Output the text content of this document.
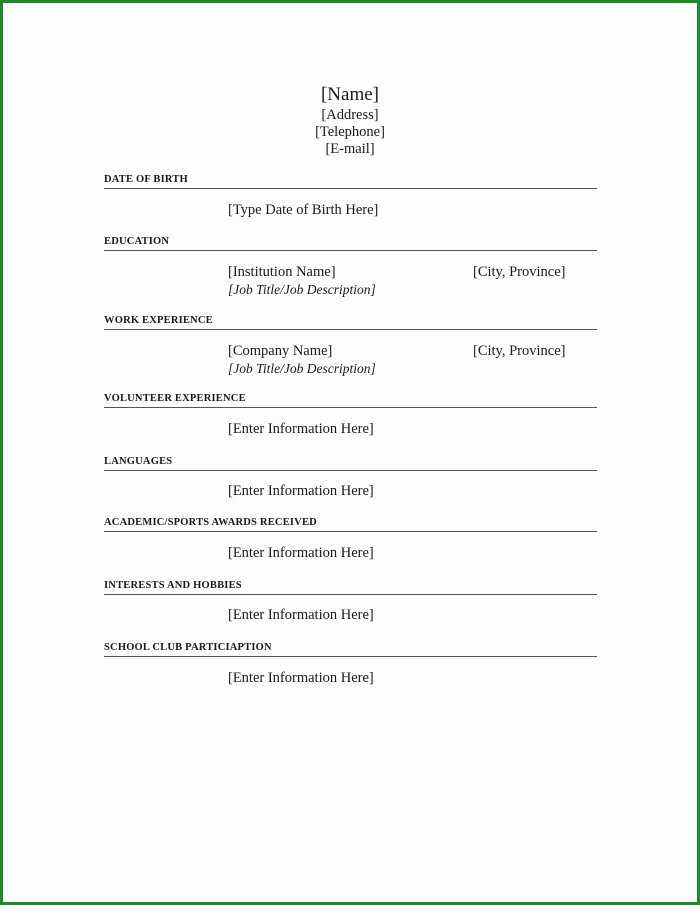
[Name]
[Address]
[Telephone]
[E-mail]
DATE OF BIRTH
[Type Date of Birth Here]
EDUCATION
[Institution Name]	[City, Province]
[Job Title/Job Description]
WORK EXPERIENCE
[Company Name]	[City, Province]
[Job Title/Job Description]
VOLUNTEER EXPERIENCE
[Enter Information Here]
LANGUAGES
[Enter Information Here]
ACADEMIC/SPORTS AWARDS RECEIVED
[Enter Information Here]
INTERESTS AND HOBBIES
[Enter Information Here]
SCHOOL CLUB PARTICIAPTION
[Enter Information Here]
